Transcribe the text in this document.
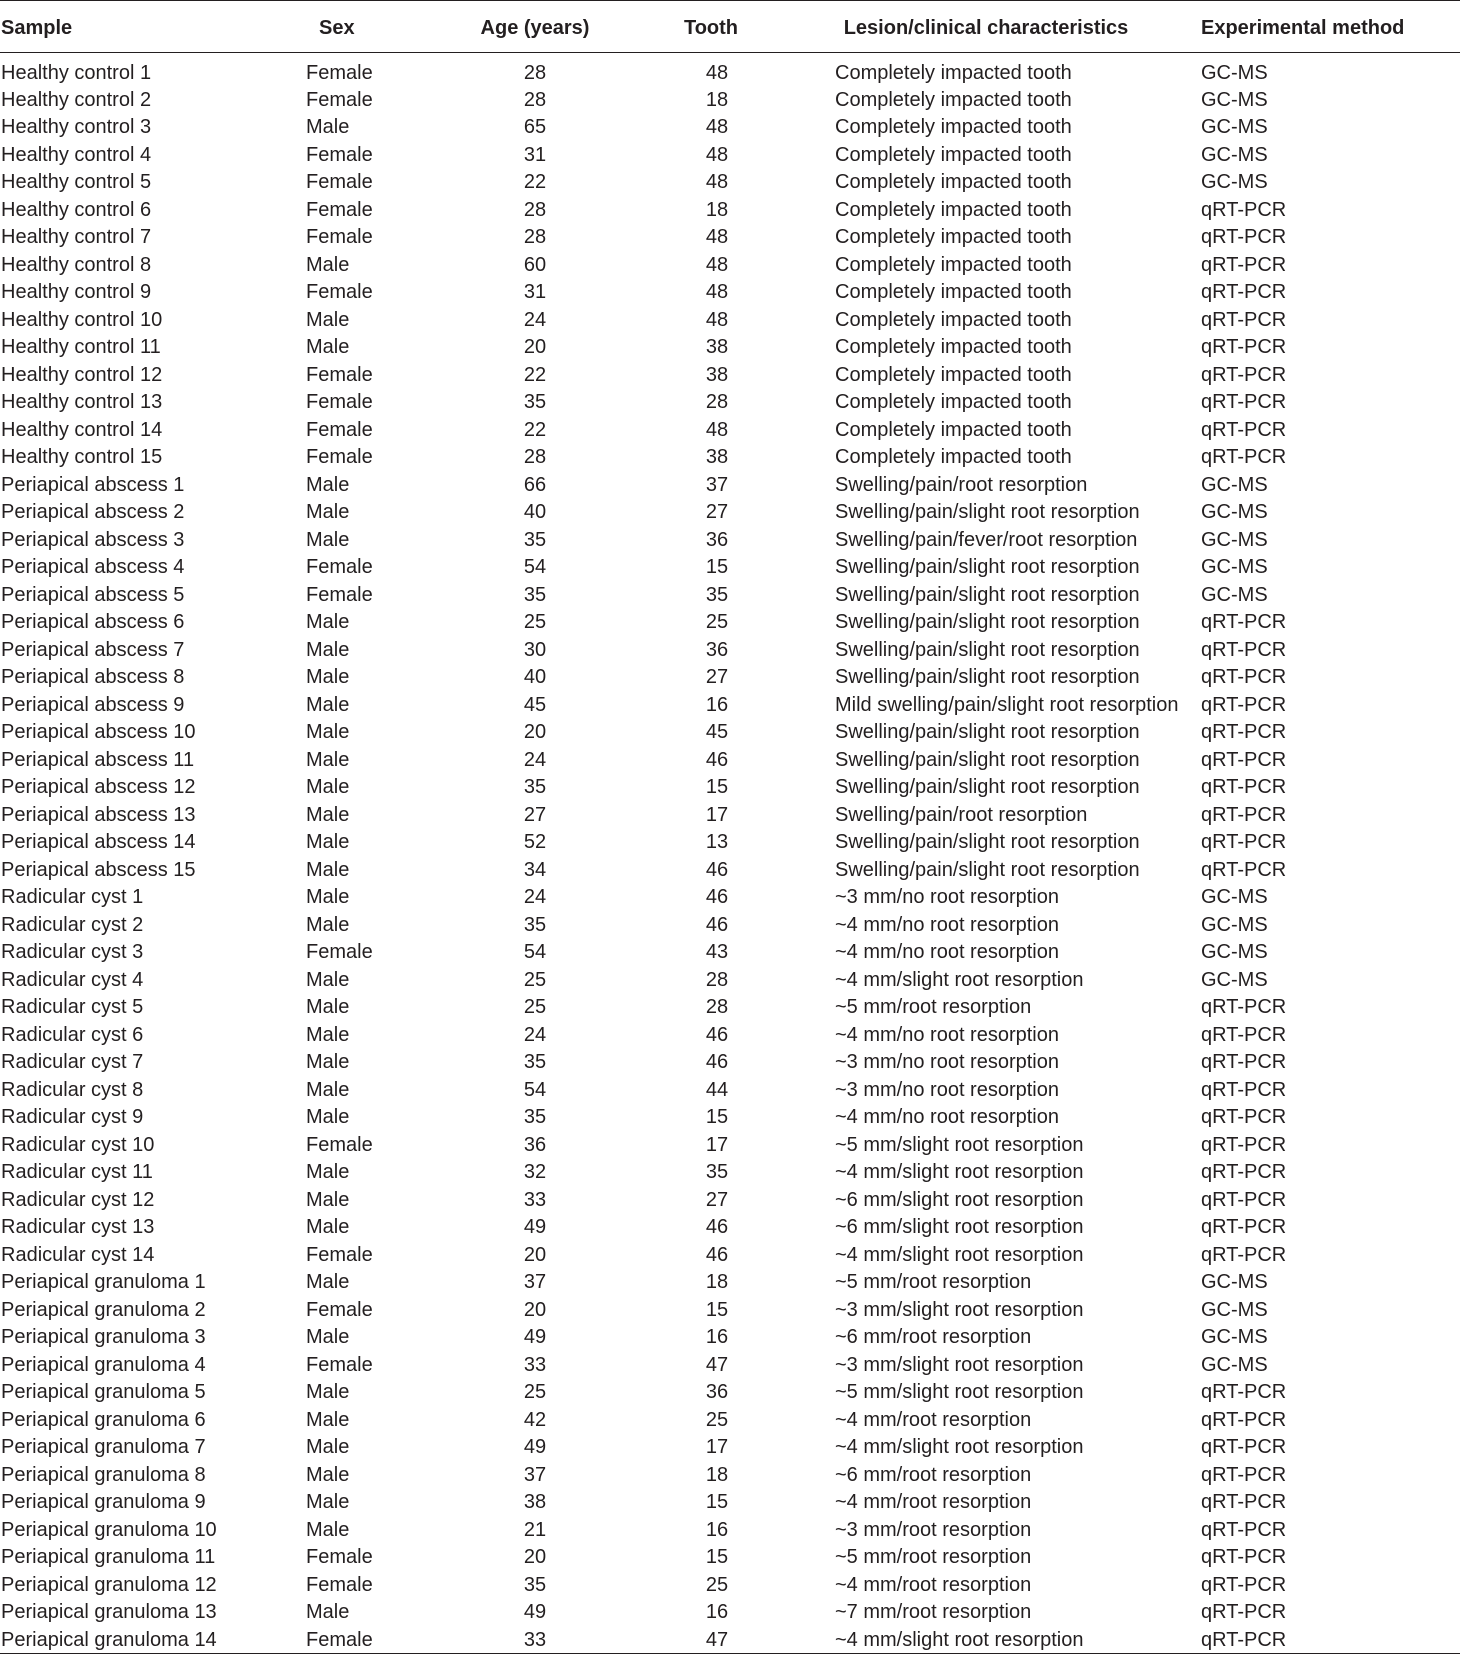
Sample	Sex	Age (years)	Tooth	Lesion/clinical characteristics	Experimental method
Healthy control 1	Female	28	48	Completely impacted tooth	GC-MS
Healthy control 2	Female	28	18	Completely impacted tooth	GC-MS
Healthy control 3	Male	65	48	Completely impacted tooth	GC-MS
Healthy control 4	Female	31	48	Completely impacted tooth	GC-MS
Healthy control 5	Female	22	48	Completely impacted tooth	GC-MS
Healthy control 6	Female	28	18	Completely impacted tooth	qRT-PCR
Healthy control 7	Female	28	48	Completely impacted tooth	qRT-PCR
Healthy control 8	Male	60	48	Completely impacted tooth	qRT-PCR
Healthy control 9	Female	31	48	Completely impacted tooth	qRT-PCR
Healthy control 10	Male	24	48	Completely impacted tooth	qRT-PCR
Healthy control 11	Male	20	38	Completely impacted tooth	qRT-PCR
Healthy control 12	Female	22	38	Completely impacted tooth	qRT-PCR
Healthy control 13	Female	35	28	Completely impacted tooth	qRT-PCR
Healthy control 14	Female	22	48	Completely impacted tooth	qRT-PCR
Healthy control 15	Female	28	38	Completely impacted tooth	qRT-PCR
Periapical abscess 1	Male	66	37	Swelling/pain/root resorption	GC-MS
Periapical abscess 2	Male	40	27	Swelling/pain/slight root resorption	GC-MS
Periapical abscess 3	Male	35	36	Swelling/pain/fever/root resorption	GC-MS
Periapical abscess 4	Female	54	15	Swelling/pain/slight root resorption	GC-MS
Periapical abscess 5	Female	35	35	Swelling/pain/slight root resorption	GC-MS
Periapical abscess 6	Male	25	25	Swelling/pain/slight root resorption	qRT-PCR
Periapical abscess 7	Male	30	36	Swelling/pain/slight root resorption	qRT-PCR
Periapical abscess 8	Male	40	27	Swelling/pain/slight root resorption	qRT-PCR
Periapical abscess 9	Male	45	16	Mild swelling/pain/slight root resorption	qRT-PCR
Periapical abscess 10	Male	20	45	Swelling/pain/slight root resorption	qRT-PCR
Periapical abscess 11	Male	24	46	Swelling/pain/slight root resorption	qRT-PCR
Periapical abscess 12	Male	35	15	Swelling/pain/slight root resorption	qRT-PCR
Periapical abscess 13	Male	27	17	Swelling/pain/root resorption	qRT-PCR
Periapical abscess 14	Male	52	13	Swelling/pain/slight root resorption	qRT-PCR
Periapical abscess 15	Male	34	46	Swelling/pain/slight root resorption	qRT-PCR
Radicular cyst 1	Male	24	46	~3 mm/no root resorption	GC-MS
Radicular cyst 2	Male	35	46	~4 mm/no root resorption	GC-MS
Radicular cyst 3	Female	54	43	~4 mm/no root resorption	GC-MS
Radicular cyst 4	Male	25	28	~4 mm/slight root resorption	GC-MS
Radicular cyst 5	Male	25	28	~5 mm/root resorption	qRT-PCR
Radicular cyst 6	Male	24	46	~4 mm/no root resorption	qRT-PCR
Radicular cyst 7	Male	35	46	~3 mm/no root resorption	qRT-PCR
Radicular cyst 8	Male	54	44	~3 mm/no root resorption	qRT-PCR
Radicular cyst 9	Male	35	15	~4 mm/no root resorption	qRT-PCR
Radicular cyst 10	Female	36	17	~5 mm/slight root resorption	qRT-PCR
Radicular cyst 11	Male	32	35	~4 mm/slight root resorption	qRT-PCR
Radicular cyst 12	Male	33	27	~6 mm/slight root resorption	qRT-PCR
Radicular cyst 13	Male	49	46	~6 mm/slight root resorption	qRT-PCR
Radicular cyst 14	Female	20	46	~4 mm/slight root resorption	qRT-PCR
Periapical granuloma 1	Male	37	18	~5 mm/root resorption	GC-MS
Periapical granuloma 2	Female	20	15	~3 mm/slight root resorption	GC-MS
Periapical granuloma 3	Male	49	16	~6 mm/root resorption	GC-MS
Periapical granuloma 4	Female	33	47	~3 mm/slight root resorption	GC-MS
Periapical granuloma 5	Male	25	36	~5 mm/slight root resorption	qRT-PCR
Periapical granuloma 6	Male	42	25	~4 mm/root resorption	qRT-PCR
Periapical granuloma 7	Male	49	17	~4 mm/slight root resorption	qRT-PCR
Periapical granuloma 8	Male	37	18	~6 mm/root resorption	qRT-PCR
Periapical granuloma 9	Male	38	15	~4 mm/root resorption	qRT-PCR
Periapical granuloma 10	Male	21	16	~3 mm/root resorption	qRT-PCR
Periapical granuloma 11	Female	20	15	~5 mm/root resorption	qRT-PCR
Periapical granuloma 12	Female	35	25	~4 mm/root resorption	qRT-PCR
Periapical granuloma 13	Male	49	16	~7 mm/root resorption	qRT-PCR
Periapical granuloma 14	Female	33	47	~4 mm/slight root resorption	qRT-PCR
